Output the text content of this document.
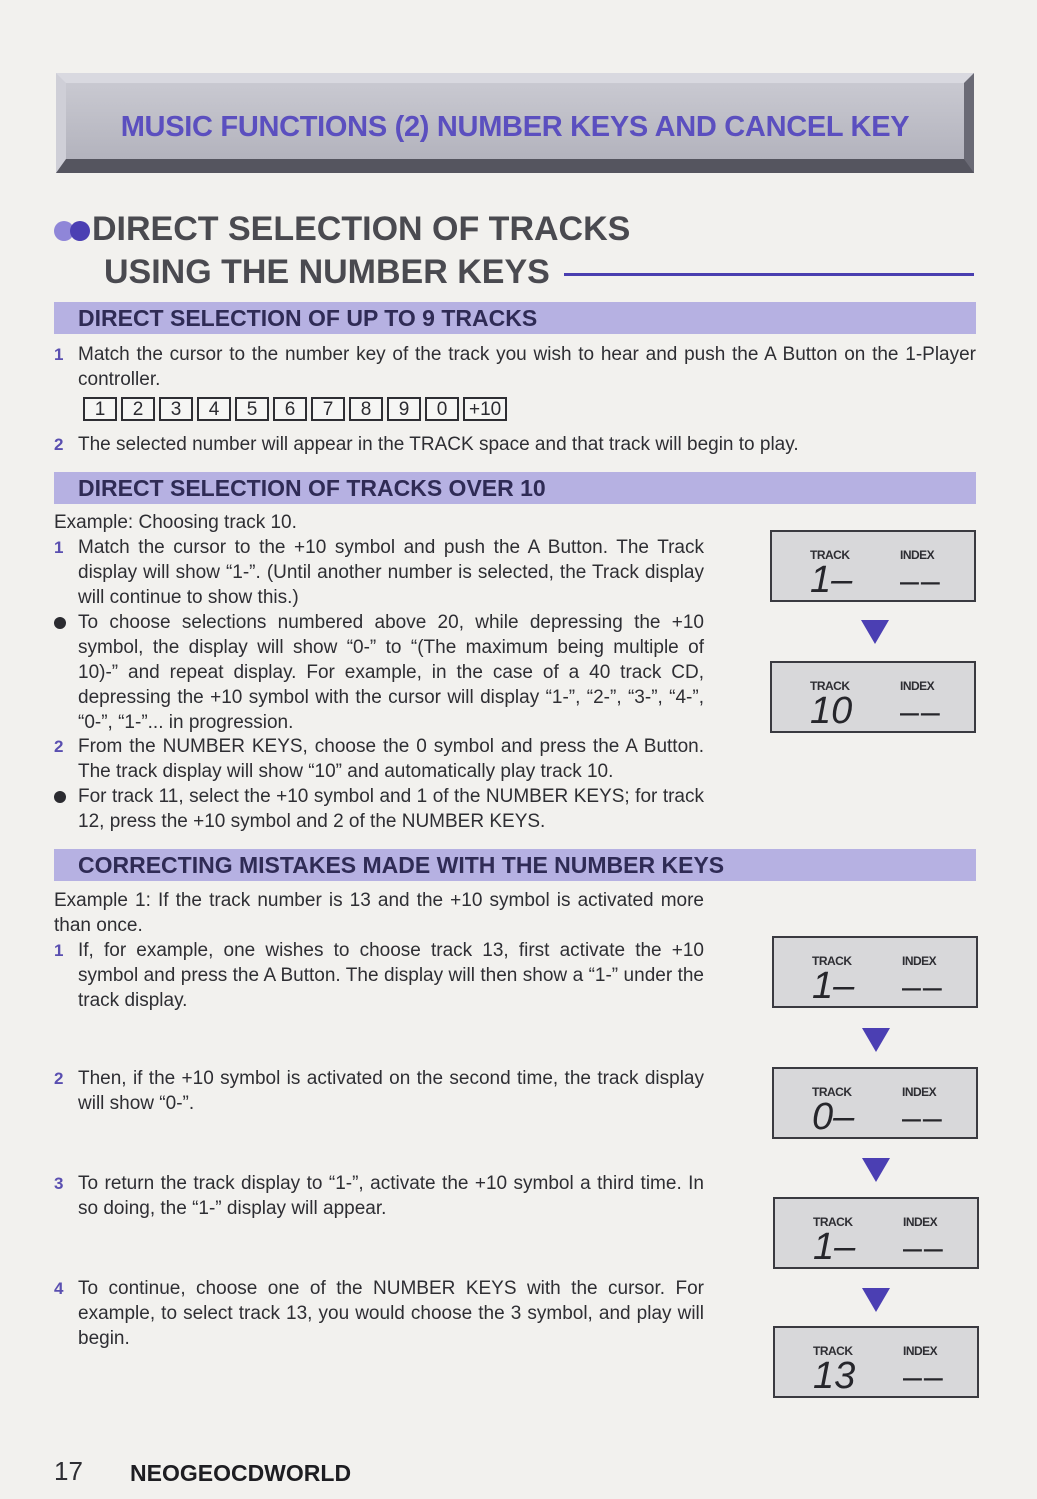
MUSIC FUNCTIONS (2) NUMBER KEYS AND CANCEL KEY
DIRECT SELECTION OF TRACKS
USING THE NUMBER KEYS
DIRECT SELECTION OF UP TO 9 TRACKS
1 Match the cursor to the number key of the track you wish to hear and push the A Button on the 1-Player controller.
1	2	3	4	5	6	7	8	9	0	+10
2 The selected number will appear in the TRACK space and that track will begin to play.
DIRECT SELECTION OF TRACKS OVER 10
Example: Choosing track 10.
1 Match the cursor to the +10 symbol and push the A Button. The Track display will show “1-”. (Until another number is selected, the Track display will continue to show this.)
To choose selections numbered above 20, while depressing the +10 symbol, the display will show “0-” to “(The maximum being multiple of 10)-” and repeat display. For example, in the case of a 40 track CD, depressing the +10 symbol with the cursor will display “1-”, “2-”, “3-”, “4-”, “0-”, “1-”... in progression.
2 From the NUMBER KEYS, choose the 0 symbol and press the A Button. The track display will show “10” and automatically play track 10.
For track 11, select the +10 symbol and 1 of the NUMBER KEYS; for track 12, press the +10 symbol and 2 of the NUMBER KEYS.
TRACK	INDEX
1– ––
TRACK	INDEX
10 ––
CORRECTING MISTAKES MADE WITH THE NUMBER KEYS
Example 1: If the track number is 13 and the +10 symbol is activated more than once.
1 If, for example, one wishes to choose track 13, first activate the +10 symbol and press the A Button. The display will then show a “1-” under the track display.
2 Then, if the +10 symbol is activated on the second time, the track display will show “0-”.
3 To return the track display to “1-”, activate the +10 symbol a third time. In so doing, the “1-” display will appear.
4 To continue, choose one of the NUMBER KEYS with the cursor. For example, to select track 13, you would choose the 3 symbol, and play will begin.
TRACK	INDEX
1– ––
TRACK	INDEX
0– ––
TRACK	INDEX
1– ––
TRACK	INDEX
13 ––
17 NEOGEOCDWORLD
